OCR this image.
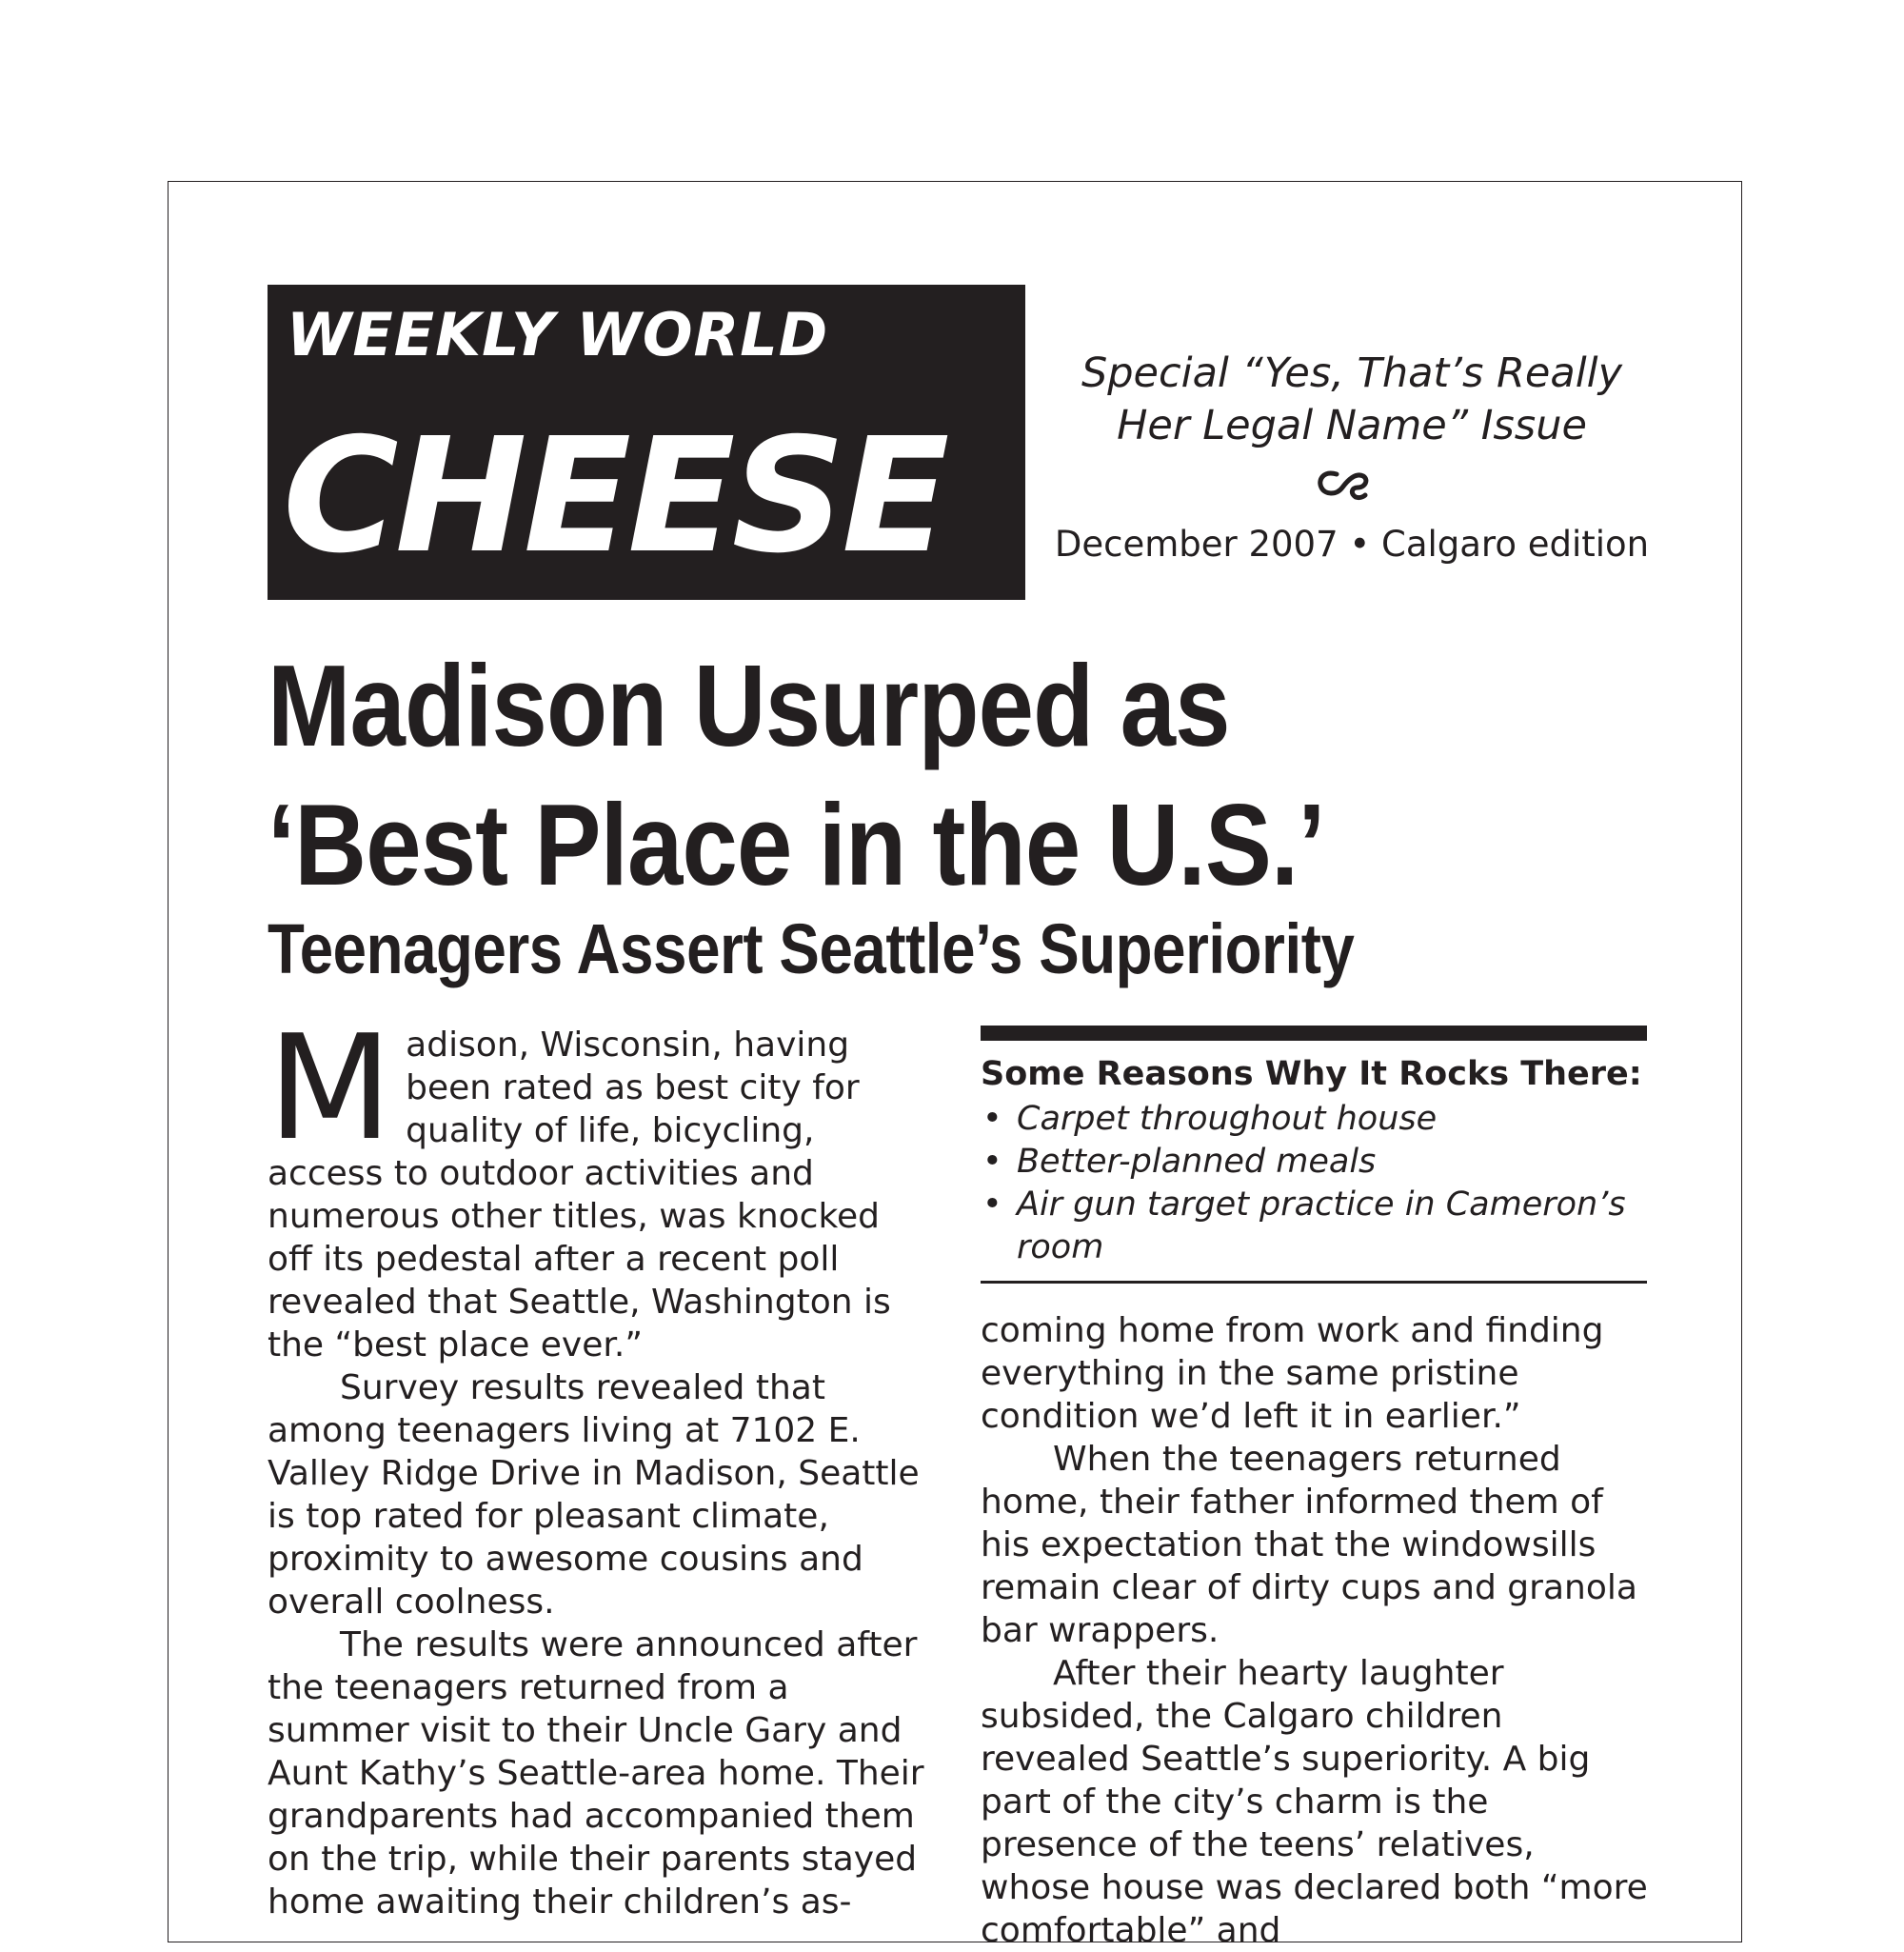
WEEKLY WORLD
CHEESE
Special “Yes, That’s Really Her Legal Name” Issue
December 2007 • Calgaro edition
Madison Usurped as
‘Best Place in the U.S.’
Teenagers Assert Seattle’s Superiority

Madison, Wisconsin, having been rated as best city for quality of life, bicycling, access to outdoor activities and numerous other titles, was knocked off its pedestal after a recent poll revealed that Seattle, Washington is the “best place ever.”

Survey results revealed that among teenagers living at 7102 E. Valley Ridge Drive in Madison, Seattle is top rated for pleasant climate, proximity to awesome cousins and overall coolness.

The results were announced after the teenagers returned from a summer visit to their Uncle Gary and Aunt Kathy’s Seattle-area home. Their grandparents had accompanied them on the trip, while their parents stayed home awaiting their children’s as-

Some Reasons Why It Rocks There:
• Carpet throughout house
• Better-planned meals
• Air gun target practice in Cameron’s room

coming home from work and finding everything in the same pristine condition we’d left it in earlier.”

When the teenagers returned home, their father informed them of his expectation that the windowsills remain clear of dirty cups and granola bar wrappers.

After their hearty laughter subsided, the Calgaro children revealed Seattle’s superiority. A big part of the city’s charm is the presence of the teens’ relatives, whose house was declared both “more comfortable” and
